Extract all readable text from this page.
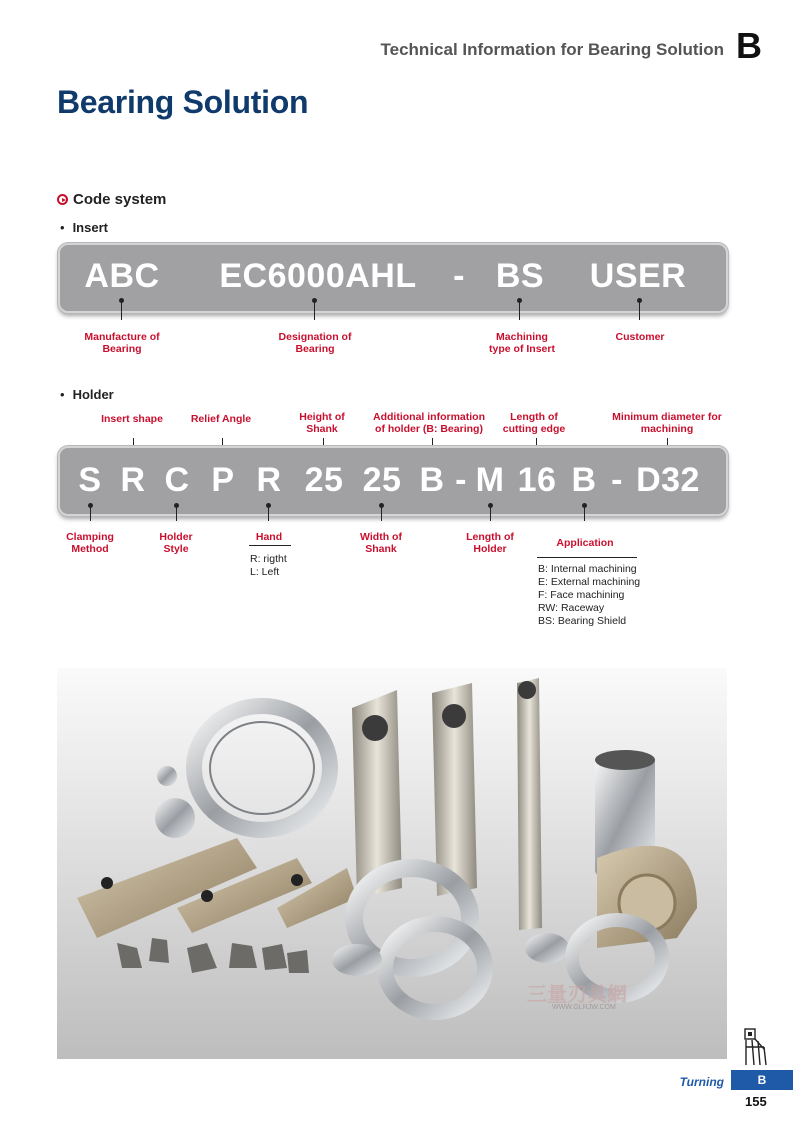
Technical Information for Bearing Solution B
Bearing Solution
Code system
• Insert
ABC EC6000AHL - BS USER
Manufacture of
Bearing
Designation of
Bearing
Machining
type of Insert
Customer
• Holder
Insert shape	Relief Angle	Height of
Shank
Additional information
of holder (B: Bearing)
Length of
cutting edge
Minimum diameter for
machining
S R C P R 25 25 B - M 16 B - D32
Clamping
Method
Holder
Style
Hand
R: rigtht
L: Left
Width of
Shank
Length of
Holder	Application
B: Internal machining
E: External machining
F: Face machining
RW: Raceway
BS: Bearing Shield
三量刃具網
WWW.GLRJW.COM
Turning	B
155
